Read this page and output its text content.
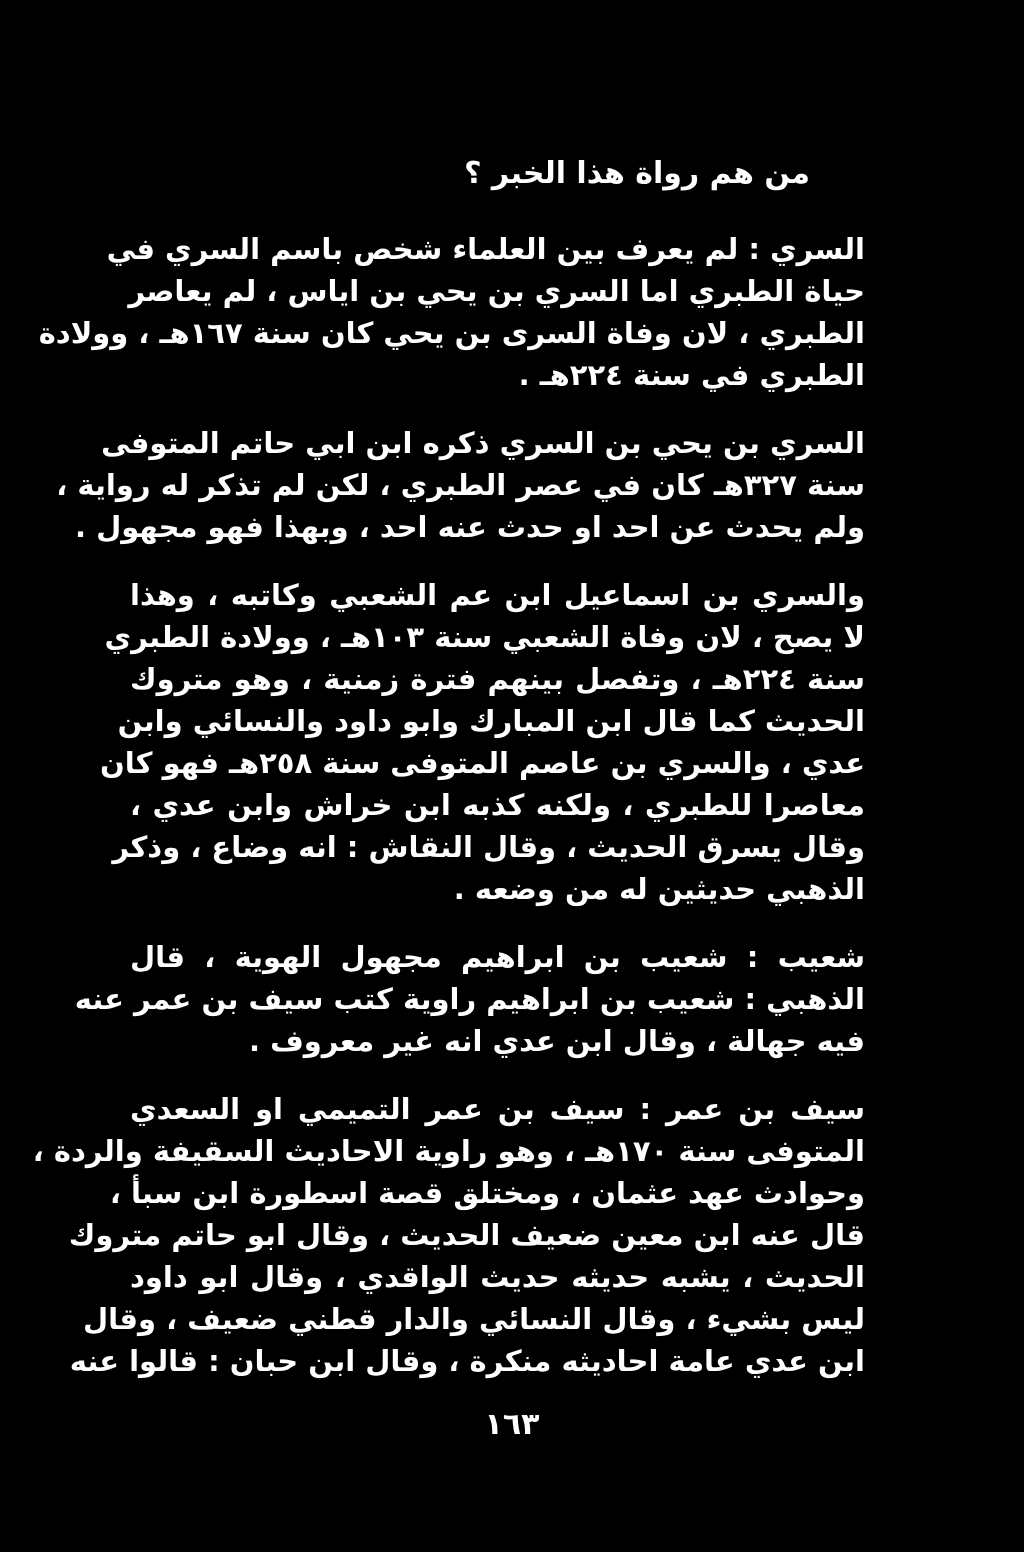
من هم رواة هذا الخبر ؟
السري : لم يعرف بين العلماء شخص باسم السري في
حياة الطبري اما السري بن يحي بن اياس ، لم يعاصر
الطبري ، لان وفاة السرى بن يحي كان سنة ١٦٧هـ ، وولادة
الطبري في سنة ٢٢٤هـ .
السري بن يحي بن السري ذكره ابن ابي حاتم المتوفى
سنة ٣٢٧هـ كان في عصر الطبري ، لكن لم تذكر له رواية ،
ولم يحدث عن احد او حدث عنه احد ، وبهذا فهو مجهول .
والسري بن اسماعيل ابن عم الشعبي وكاتبه ، وهذا
لا يصح ، لان وفاة الشعبي سنة ١٠٣هـ ، وولادة الطبري
سنة ٢٢٤هـ ، وتفصل بينهم فترة زمنية ، وهو متروك
الحديث كما قال ابن المبارك وابو داود والنسائي وابن
عدي ، والسري بن عاصم المتوفى سنة ٢٥٨هـ فهو كان
معاصرا للطبري ، ولكنه كذبه ابن خراش وابن عدي ،
وقال يسرق الحديث ، وقال النقاش : انه وضاع ، وذكر
الذهبي حديثين له من وضعه .
شعيب : شعيب بن ابراهيم مجهول الهوية ، قال
الذهبي : شعيب بن ابراهيم راوية كتب سيف بن عمر عنه
فيه جهالة ، وقال ابن عدي انه غير معروف .
سيف بن عمر : سيف بن عمر التميمي او السعدي
المتوفى سنة ١٧٠هـ ، وهو راوية الاحاديث السقيفة والردة ،
وحوادث عهد عثمان ، ومختلق قصة اسطورة ابن سبأ ،
قال عنه ابن معين ضعيف الحديث ، وقال ابو حاتم متروك
الحديث ، يشبه حديثه حديث الواقدي ، وقال ابو داود
ليس بشيء ، وقال النسائي والدار قطني ضعيف ، وقال
ابن عدي عامة احاديثه منكرة ، وقال ابن حبان : قالوا عنه
١٦٣
